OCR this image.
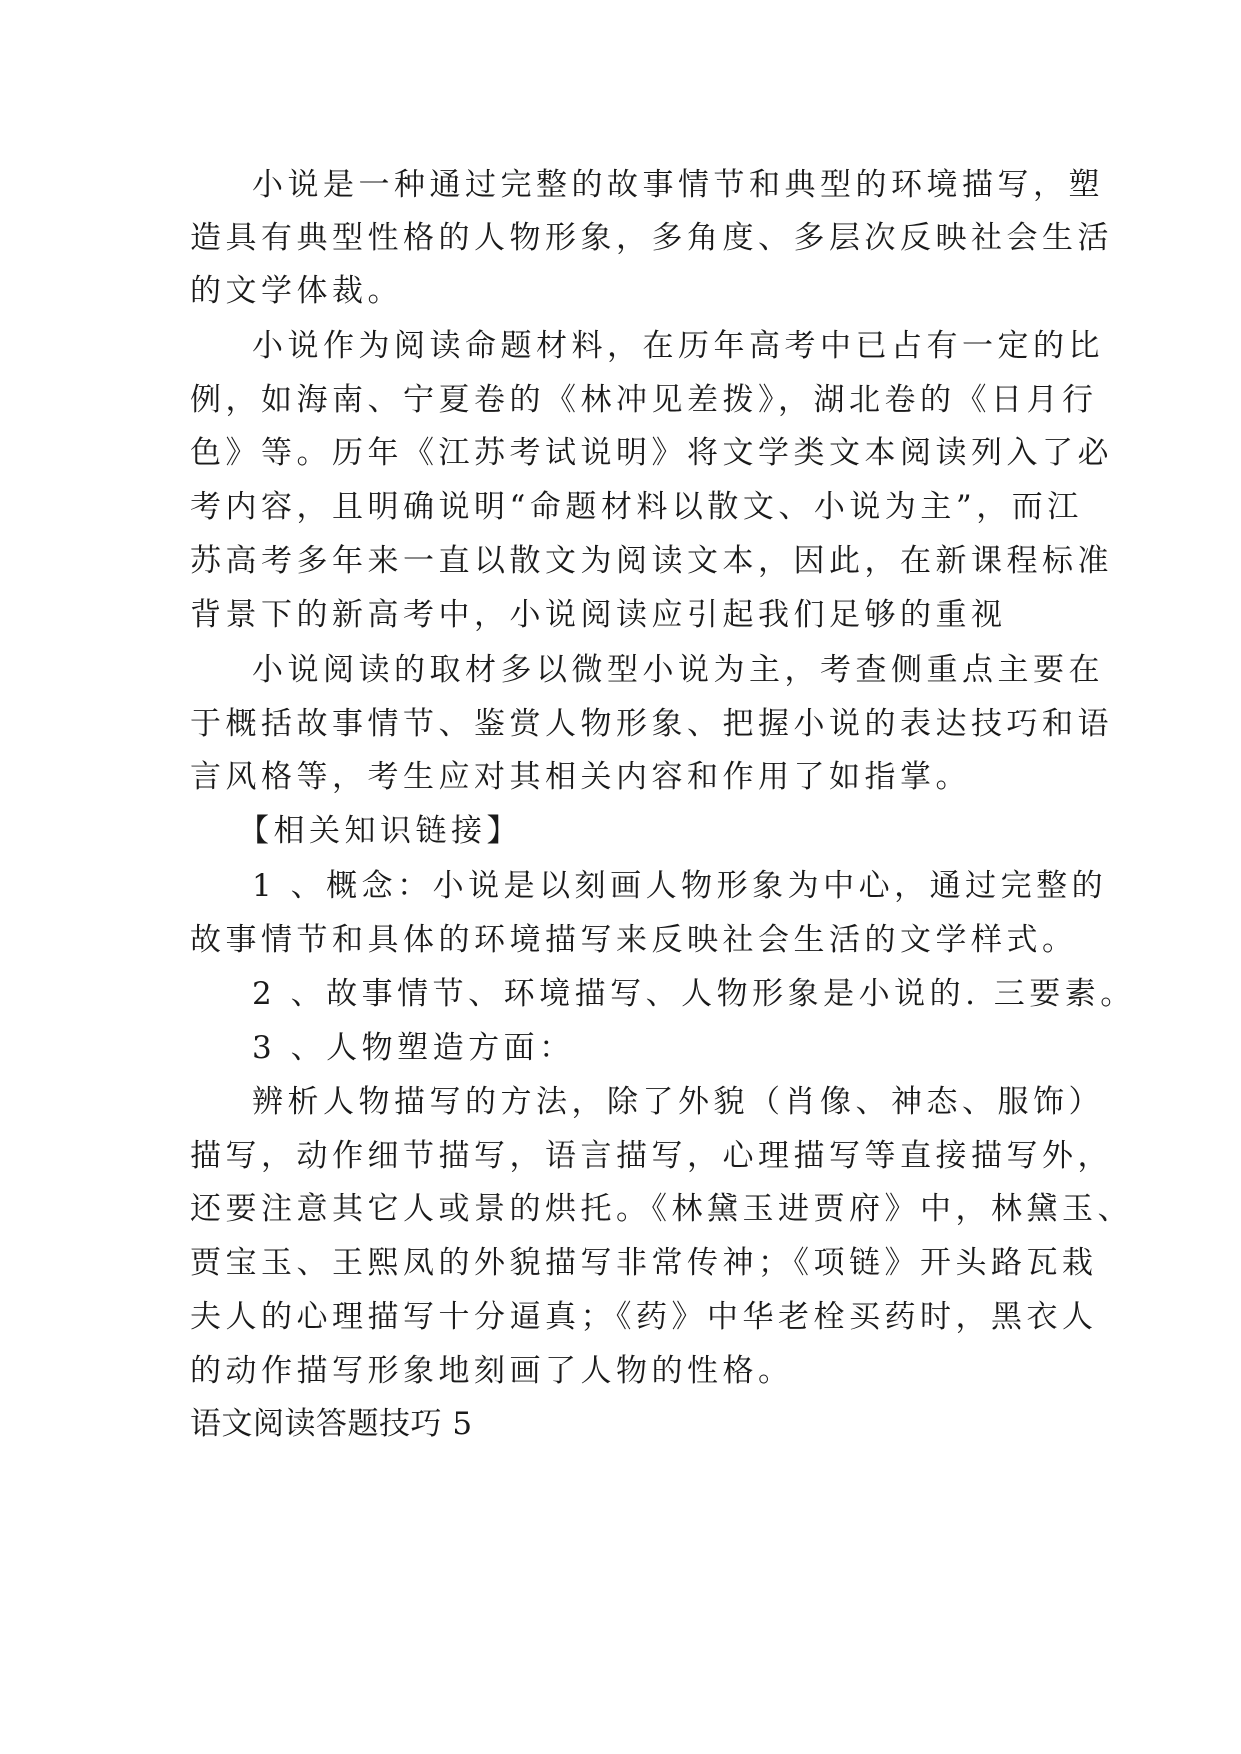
小说是一种通过完整的故事情节和典型的环境描写，塑
造具有典型性格的人物形象，多角度、多层次反映社会生活
的文学体裁。
小说作为阅读命题材料，在历年高考中已占有一定的比
例，如海南、宁夏卷的《林冲见差拨》，湖北卷的《日月行
色》等。历年《江苏考试说明》将文学类文本阅读列入了必
考内容，且明确说明“命题材料以散文、小说为主”，而江
苏高考多年来一直以散文为阅读文本，因此，在新课程标准
背景下的新高考中，小说阅读应引起我们足够的重视
小说阅读的取材多以微型小说为主，考查侧重点主要在
于概括故事情节、鉴赏人物形象、把握小说的表达技巧和语
言风格等，考生应对其相关内容和作用了如指掌。
【相关知识链接】
1 、概念：小说是以刻画人物形象为中心，通过完整的
故事情节和具体的环境描写来反映社会生活的文学样式。
2 、故事情节、环境描写、人物形象是小说的. 三要素。
3 、人物塑造方面：
辨析人物描写的方法，除了外貌（肖像、神态、服饰）
描写，动作细节描写，语言描写，心理描写等直接描写外，
还要注意其它人或景的烘托。《林黛玉进贾府》中，林黛玉、
贾宝玉、王熙凤的外貌描写非常传神；《项链》开头路瓦栽
夫人的心理描写十分逼真；《药》中华老栓买药时，黑衣人
的动作描写形象地刻画了人物的性格。
语文阅读答题技巧 5
